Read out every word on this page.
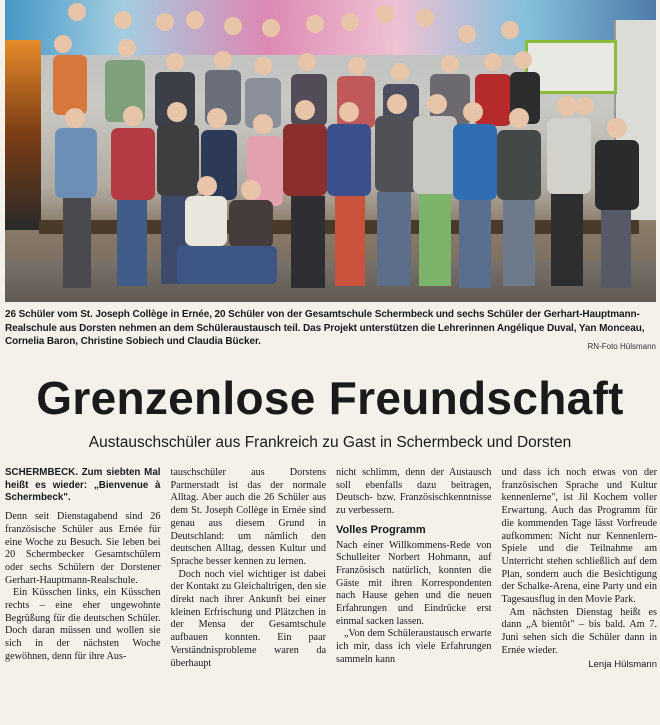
26 Schüler vom St. Joseph Collège in Ernée, 20 Schüler von der Gesamtschule Schermbeck und sechs Schüler der Gerhart-Hauptmann-Realschule aus Dorsten nehmen an dem Schüleraustausch teil. Das Projekt unterstützen die Lehrerinnen Angélique Duval, Yan Monceau, Cornelia Baron, Christine Sobiech und Claudia Bücker.	RN-Foto Hülsmann
Grenzenlose Freundschaft
Austauschschüler aus Frankreich zu Gast in Schermbeck und Dorsten

SCHERMBECK. Zum siebten Mal heißt es wieder: „Bienvenue à Schermbeck".

Denn seit Dienstagabend sind 26 französische Schüler aus Ernée für eine Woche zu Besuch. Sie leben bei 20 Schermbecker Gesamtschülern oder sechs Schülern der Dorstener Gerhart-Hauptmann-Realschule.

Ein Küsschen links, ein Küsschen rechts – eine eher ungewohnte Begrüßung für die deutschen Schüler. Doch daran müssen und wollen sie sich in der nächsten Woche gewöhnen, denn für ihre Aus-

tauschschüler aus Dorstens Partnerstadt ist das der normale Alltag. Aber auch die 26 Schüler aus dem St. Joseph Collège in Ernée sind genau aus diesem Grund in Deutschland: um nämlich den deutschen Alltag, dessen Kultur und Sprache besser kennen zu lernen.

Doch noch viel wichtiger ist dabei der Kontakt zu Gleichaltrigen, den sie direkt nach ihrer Ankunft bei einer kleinen Erfrischung und Plätzchen in der Mensa der Gesamtschule aufbauen konnten. Ein paar Verständnisprobleme waren da überhaupt

nicht schlimm, denn der Austausch soll ebenfalls dazu beitragen, Deutsch- bzw. Französischkenntnisse zu verbessern.

Volles Programm

Nach einer Willkommens-Rede von Schulleiter Norbert Hohmann, auf Französisch natürlich, konnten die Gäste mit ihren Korrespondenten nach Hause gehen und die neuen Erfahrungen und Eindrücke erst einmal sacken lassen.

„Von dem Schüleraustausch erwarte ich mir, dass ich viele Erfahrungen sammeln kann

und dass ich noch etwas von der französischen Sprache und Kultur kennenlerne", ist Jil Kochem voller Erwartung. Auch das Programm für die kommenden Tage lässt Vorfreude aufkommen: Nicht nur Kennenlern-Spiele und die Teilnahme am Unterricht stehen schließlich auf dem Plan, sondern auch die Besichtigung der Schalke-Arena, eine Party und ein Tagesausflug in den Movie Park.

Am nächsten Dienstag heißt es dann „A bientôt" – bis bald. Am 7. Juni sehen sich die Schüler dann in Ernée wieder.

Lenja Hülsmann
